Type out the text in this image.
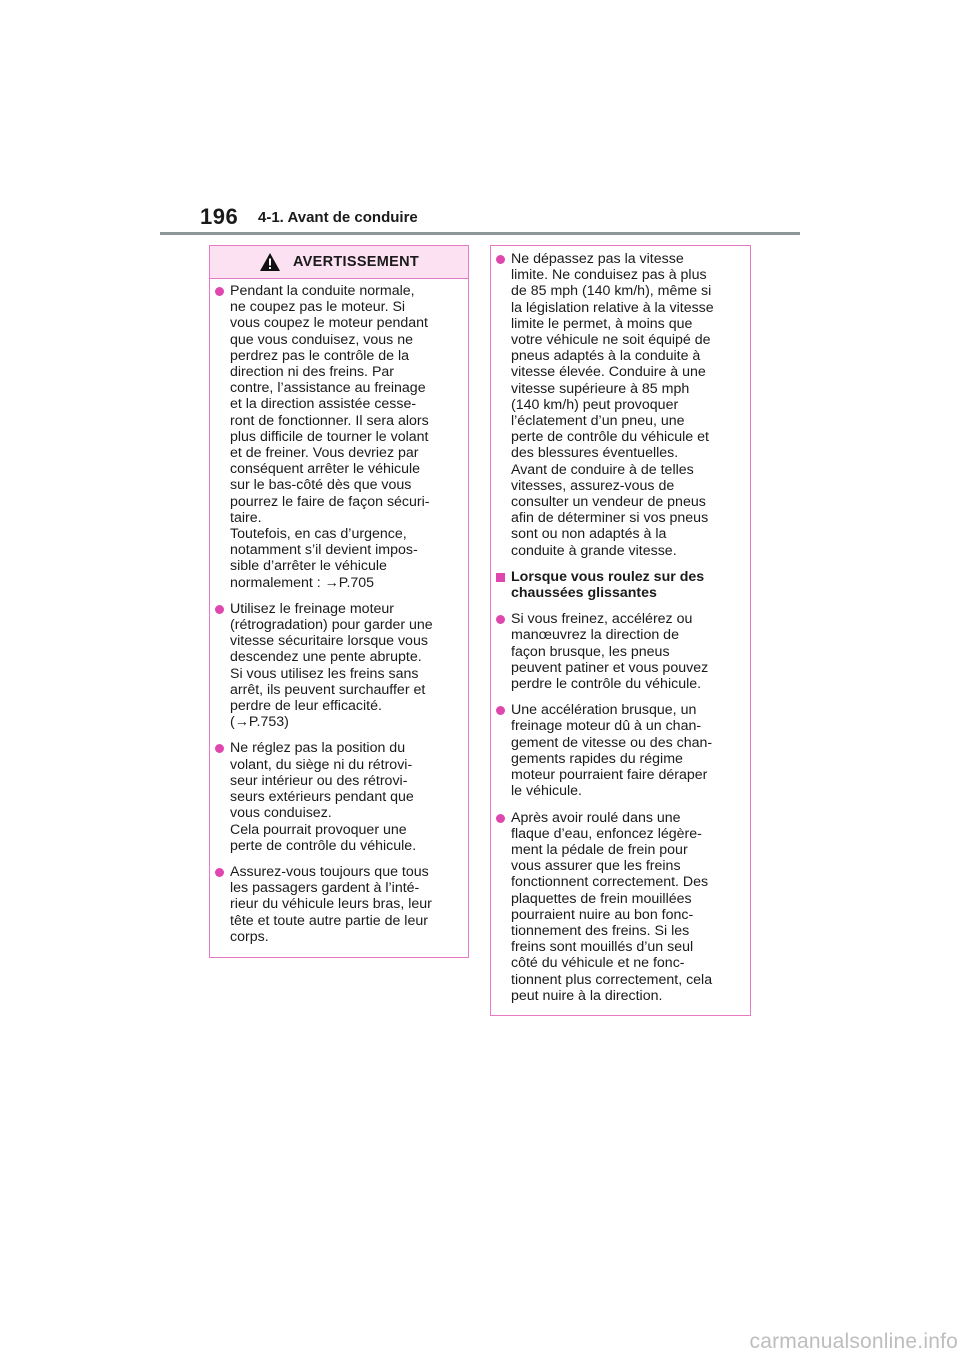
196 4-1. Avant de conduire
AVERTISSEMENT
Pendant la conduite normale,
ne coupez pas le moteur. Si
vous coupez le moteur pendant
que vous conduisez, vous ne
perdrez pas le contrôle de la
direction ni des freins. Par
contre, l’assistance au freinage
et la direction assistée cesse-
ront de fonctionner. Il sera alors
plus difficile de tourner le volant
et de freiner. Vous devriez par
conséquent arrêter le véhicule
sur le bas-côté dès que vous
pourrez le faire de façon sécuri-
taire.
Toutefois, en cas d’urgence,
notamment s’il devient impos-
sible d’arrêter le véhicule
normalement : →P.705
Utilisez le freinage moteur
(rétrogradation) pour garder une
vitesse sécuritaire lorsque vous
descendez une pente abrupte.
Si vous utilisez les freins sans
arrêt, ils peuvent surchauffer et
perdre de leur efficacité.
(→P.753)
Ne réglez pas la position du
volant, du siège ni du rétrovi-
seur intérieur ou des rétrovi-
seurs extérieurs pendant que
vous conduisez.
Cela pourrait provoquer une
perte de contrôle du véhicule.
Assurez-vous toujours que tous
les passagers gardent à l’inté-
rieur du véhicule leurs bras, leur
tête et toute autre partie de leur
corps.
Ne dépassez pas la vitesse
limite. Ne conduisez pas à plus
de 85 mph (140 km/h), même si
la législation relative à la vitesse
limite le permet, à moins que
votre véhicule ne soit équipé de
pneus adaptés à la conduite à
vitesse élevée. Conduire à une
vitesse supérieure à 85 mph
(140 km/h) peut provoquer
l’éclatement d’un pneu, une
perte de contrôle du véhicule et
des blessures éventuelles.
Avant de conduire à de telles
vitesses, assurez-vous de
consulter un vendeur de pneus
afin de déterminer si vos pneus
sont ou non adaptés à la
conduite à grande vitesse.
Lorsque vous roulez sur des
chaussées glissantes
Si vous freinez, accélérez ou
manœuvrez la direction de
façon brusque, les pneus
peuvent patiner et vous pouvez
perdre le contrôle du véhicule.
Une accélération brusque, un
freinage moteur dû à un chan-
gement de vitesse ou des chan-
gements rapides du régime
moteur pourraient faire déraper
le véhicule.
Après avoir roulé dans une
flaque d’eau, enfoncez légère-
ment la pédale de frein pour
vous assurer que les freins
fonctionnent correctement. Des
plaquettes de frein mouillées
pourraient nuire au bon fonc-
tionnement des freins. Si les
freins sont mouillés d’un seul
côté du véhicule et ne fonc-
tionnent plus correctement, cela
peut nuire à la direction.
carmanualsonline.info
